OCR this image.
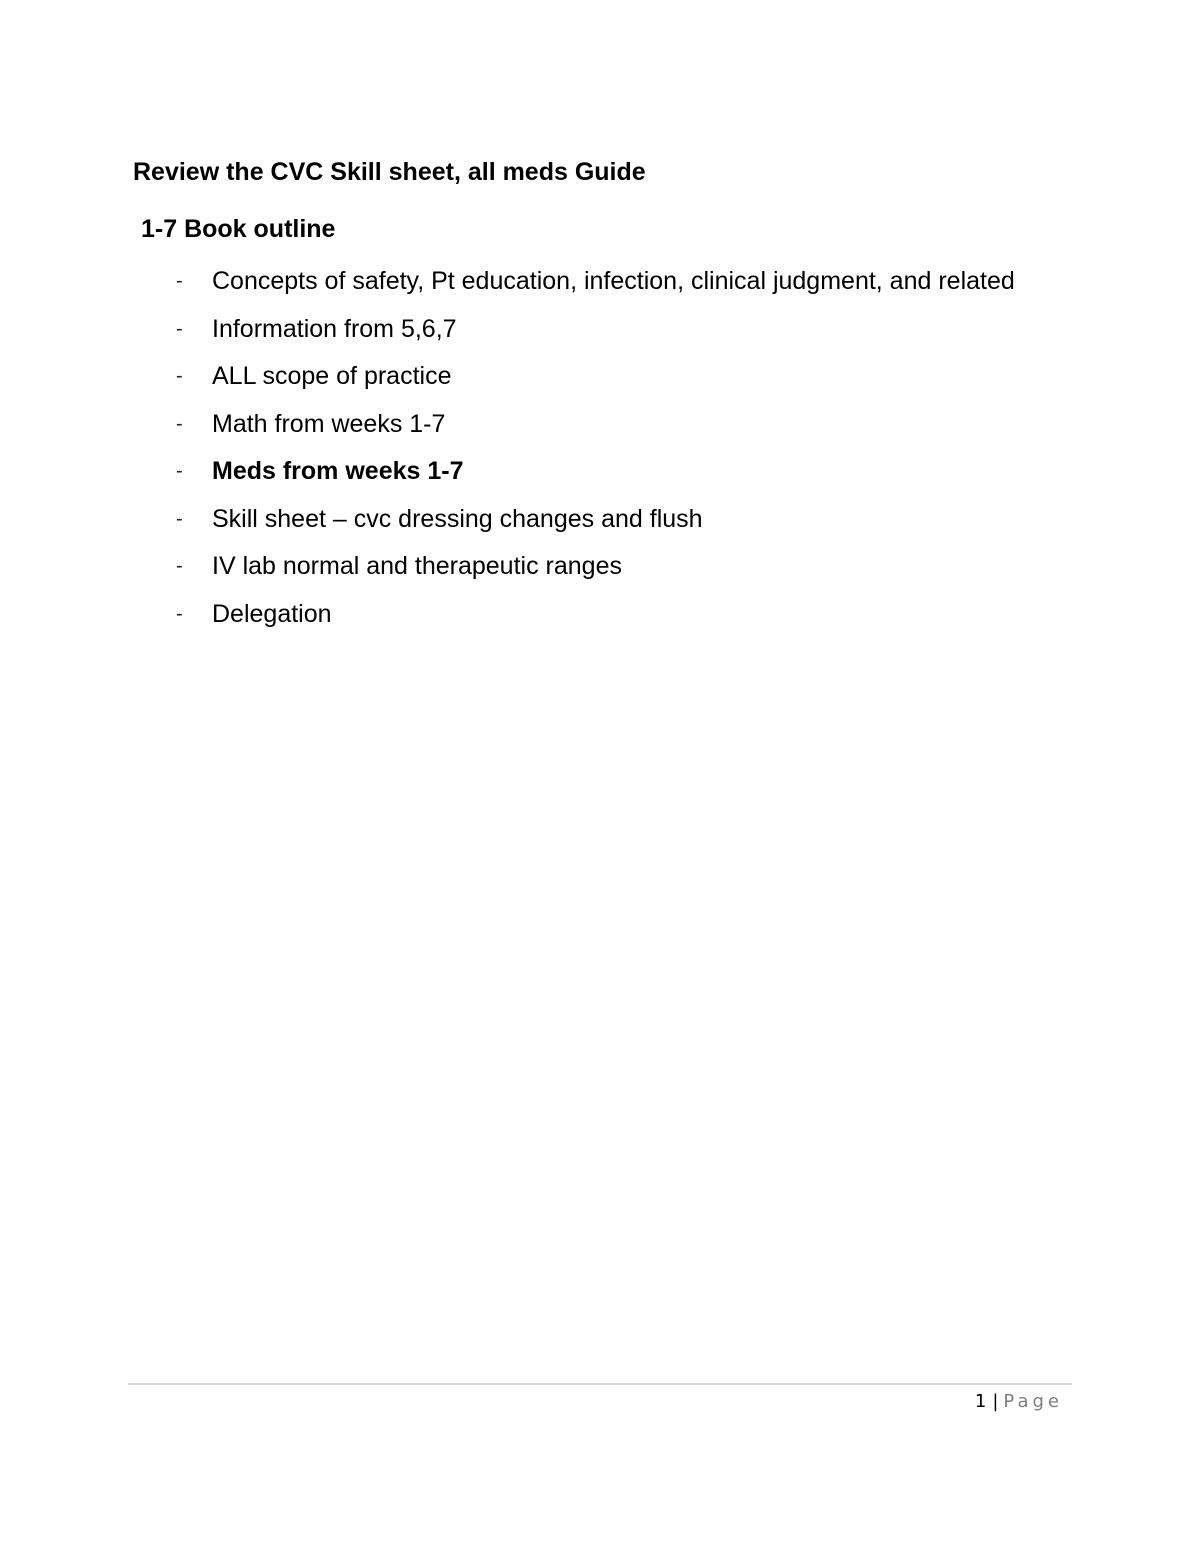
Review the CVC Skill sheet, all meds Guide
1-7 Book outline
-	Concepts of safety, Pt education, infection, clinical judgment, and related
-	Information from 5,6,7
-	ALL scope of practice
-	Math from weeks 1-7
-	Meds from weeks 1-7
-	Skill sheet – cvc dressing changes and flush
-	IV lab normal and therapeutic ranges
-	Delegation
1 | Page
